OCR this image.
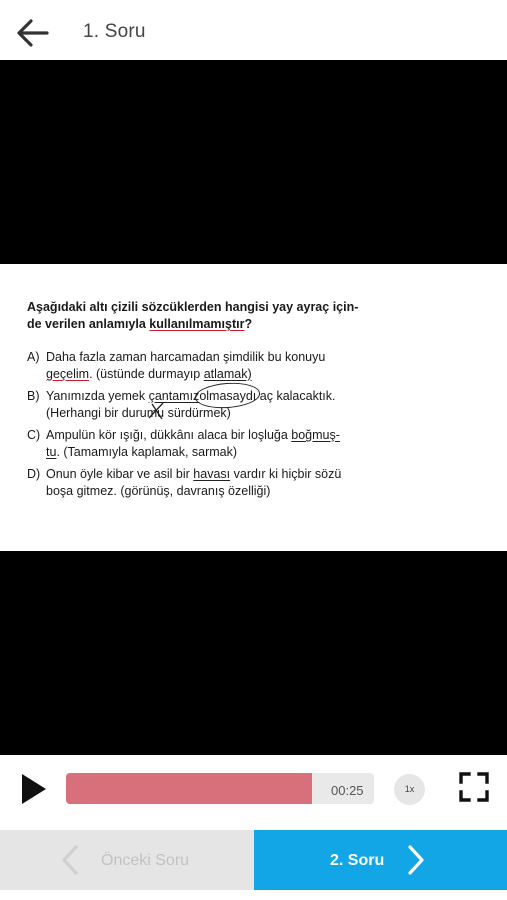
1. Soru
Aşağıdaki altı çizili sözcüklerden hangisi yay ayraç için-
de verilen anlamıyla kullanılmamıştır?
A) Daha fazla zaman harcamadan şimdilik bu konuyu
geçelim. (üstünde durmayıp atlamak)
B) Yanımızda yemek çantamızolmasaydı aç kalacaktık.
(Herhangi bir durumu
sürdürmek)
C) Ampulün kör ışığı, dükkânı alaca bir loşluğa boğmuş-
tu. (Tamamıyla kaplamak, sarmak)
D) Onun öyle kibar ve asil bir havası vardır ki hiçbir sözü
boşa gitmez. (görünüş, davranış özelliği)
00:25	1x
Önceki Soru	2. Soru
